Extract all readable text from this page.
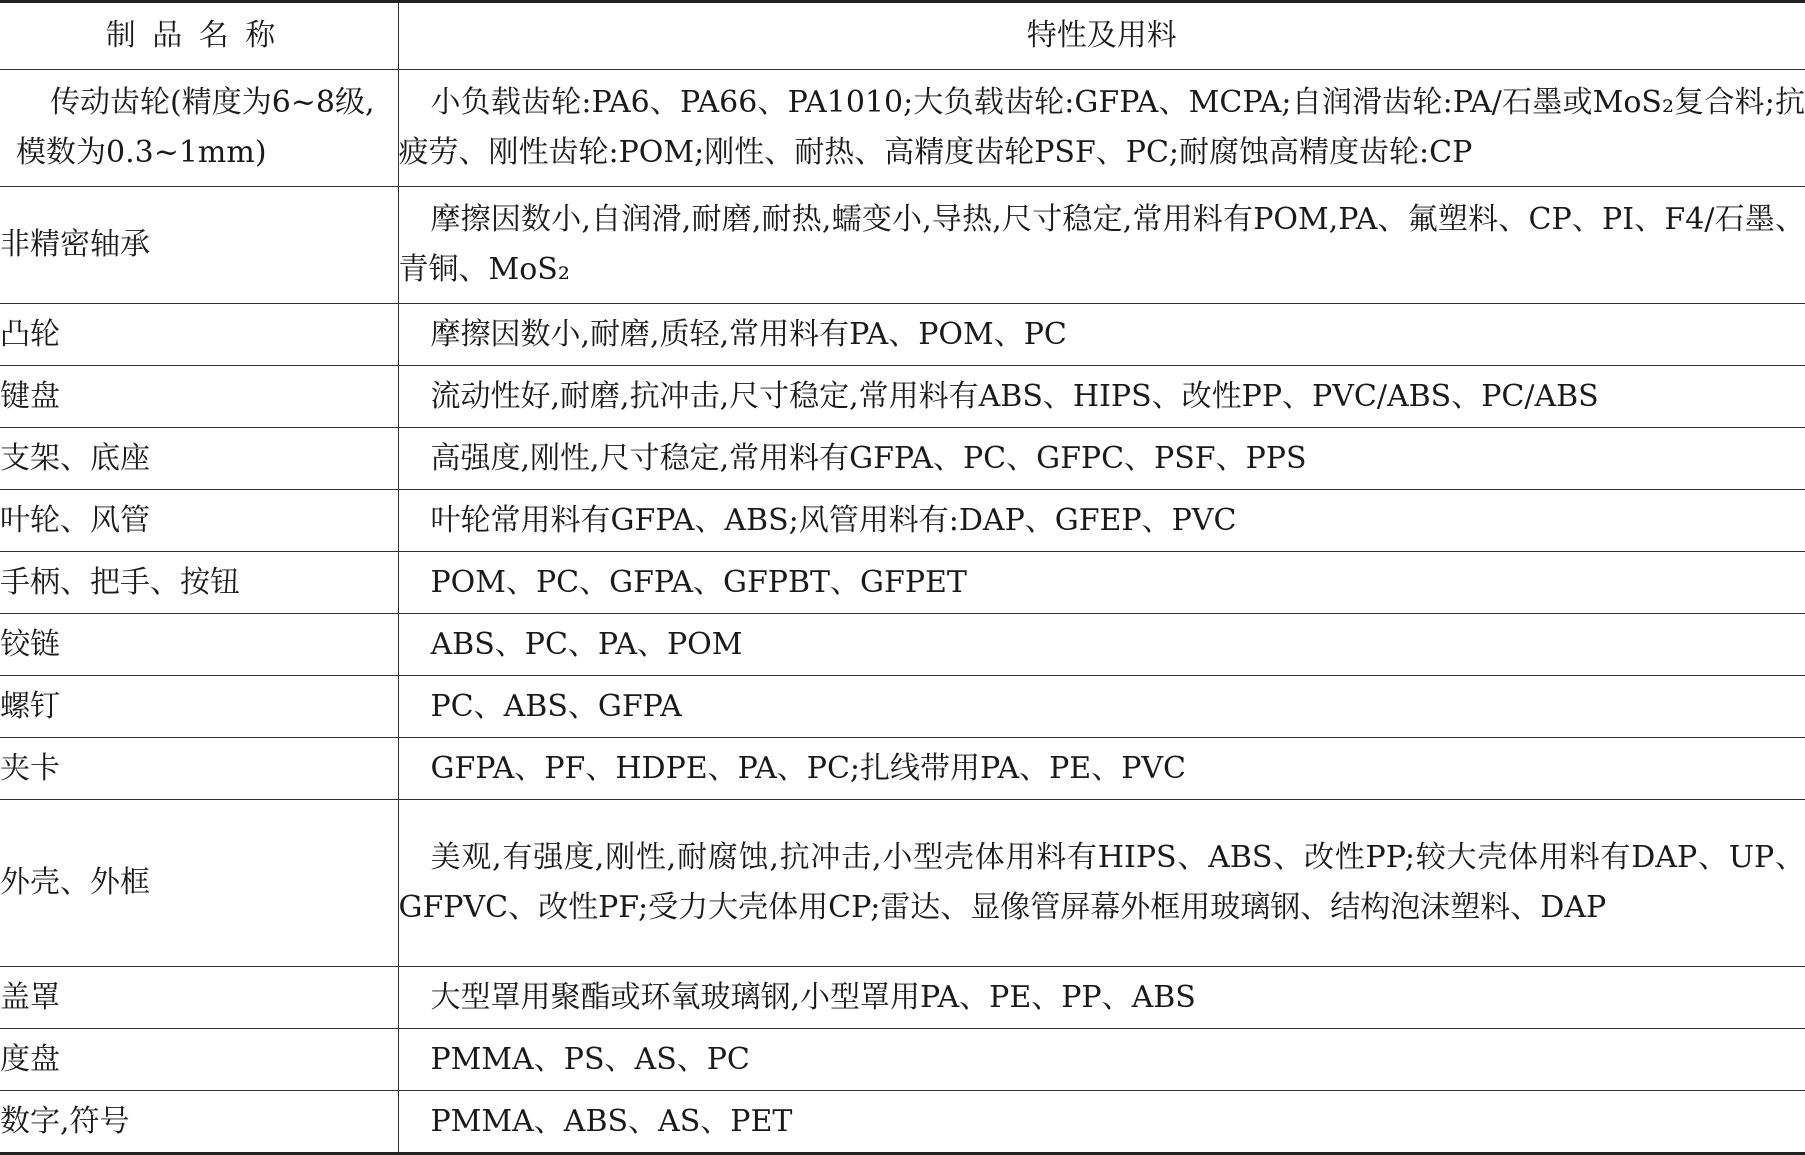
制品名称	特性及用料
传动齿轮(精度为6~8级,模数为0.3~1mm)	小负载齿轮:PA6、PA66、PA1010;大负载齿轮:GFPA、MCPA;自润滑齿轮:PA/石墨或MoS₂复合料;抗疲劳、刚性齿轮:POM;刚性、耐热、高精度齿轮PSF、PC;耐腐蚀高精度齿轮:CP
非精密轴承	摩擦因数小,自润滑,耐磨,耐热,蠕变小,导热,尺寸稳定,常用料有POM,PA、氟塑料、CP、PI、F4/石墨、青铜、MoS₂
凸轮	摩擦因数小,耐磨,质轻,常用料有PA、POM、PC
键盘	流动性好,耐磨,抗冲击,尺寸稳定,常用料有ABS、HIPS、改性PP、PVC/ABS、PC/ABS
支架、底座	高强度,刚性,尺寸稳定,常用料有GFPA、PC、GFPC、PSF、PPS
叶轮、风管	叶轮常用料有GFPA、ABS;风管用料有:DAP、GFEP、PVC
手柄、把手、按钮	POM、PC、GFPA、GFPBT、GFPET
铰链	ABS、PC、PA、POM
螺钉	PC、ABS、GFPA
夹卡	GFPA、PF、HDPE、PA、PC;扎线带用PA、PE、PVC
外壳、外框	美观,有强度,刚性,耐腐蚀,抗冲击,小型壳体用料有HIPS、ABS、改性PP;较大壳体用料有DAP、UP、GFPVC、改性PF;受力大壳体用CP;雷达、显像管屏幕外框用玻璃钢、结构泡沫塑料、DAP
盖罩	大型罩用聚酯或环氧玻璃钢,小型罩用PA、PE、PP、ABS
度盘	PMMA、PS、AS、PC
数字,符号	PMMA、ABS、AS、PET
